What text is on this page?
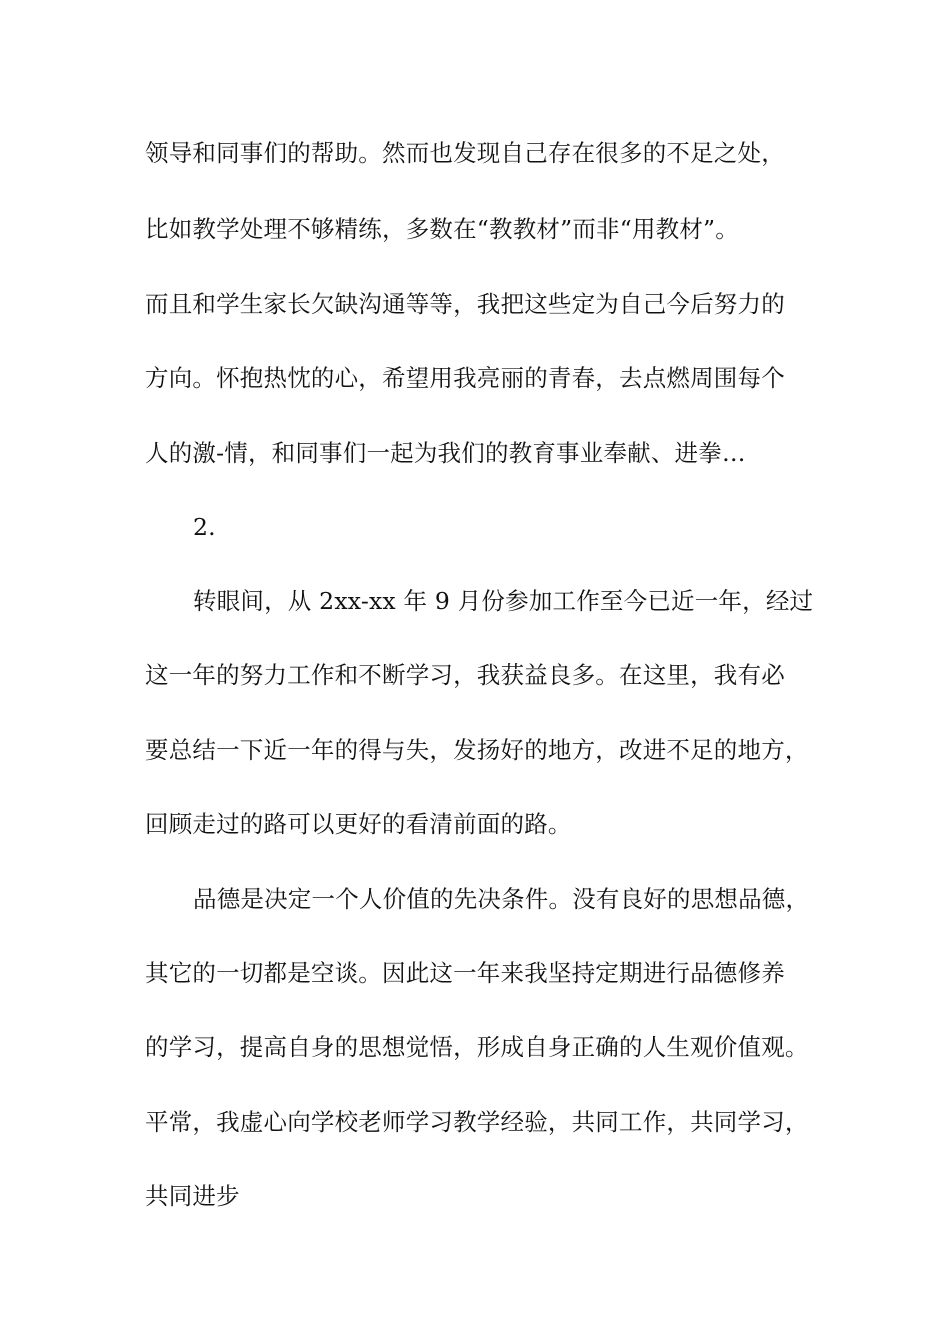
领导和同事们的帮助。然而也发现自己存在很多的不足之处，
比如教学处理不够精练，多数在“教教材”而非“用教材”。
而且和学生家长欠缺沟通等等，我把这些定为自己今后努力的
方向。怀抱热忱的心，希望用我亮丽的青春，去点燃周围每个
人的激-情，和同事们一起为我们的教育事业奉献、进拳…
2.
转眼间，从 2xx-xx 年 9 月份参加工作至今已近一年，经过
这一年的努力工作和不断学习，我获益良多。在这里，我有必
要总结一下近一年的得与失，发扬好的地方，改进不足的地方，
回顾走过的路可以更好的看清前面的路。
品德是决定一个人价值的先决条件。没有良好的思想品德，
其它的一切都是空谈。因此这一年来我坚持定期进行品德修养
的学习，提高自身的思想觉悟，形成自身正确的人生观价值观。
平常，我虚心向学校老师学习教学经验，共同工作，共同学习，
共同进步
